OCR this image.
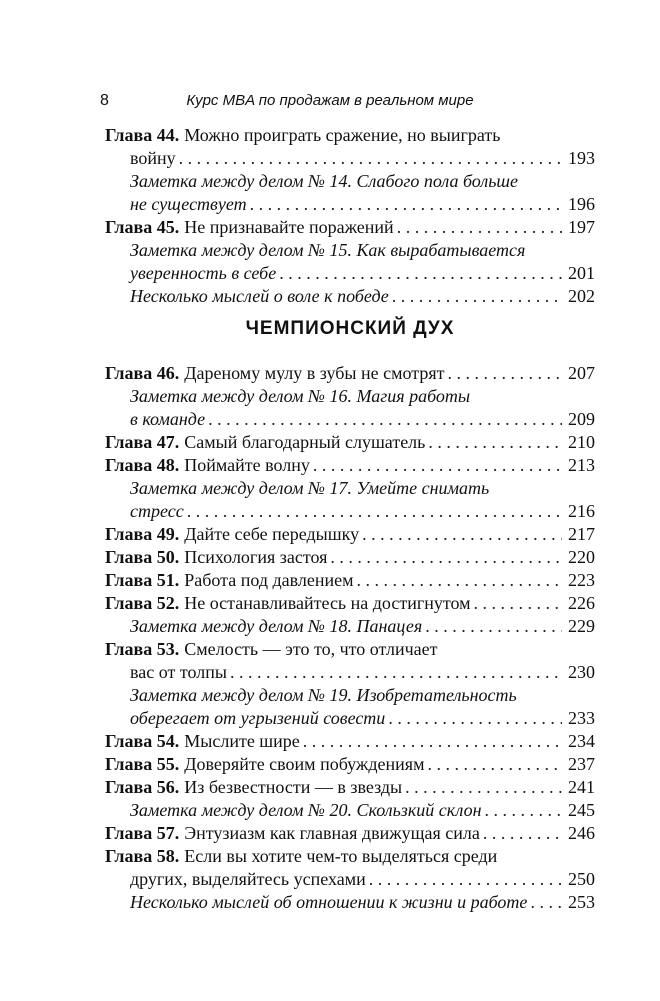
8	Курс MBA по продажам в реальном мире
Глава 44. Можно проиграть сражение, но выиграть
войну . . .	193
Заметка между делом № 14. Слабого пола больше
не существует . . .	196
Глава 45. Не признавайте поражений . . .	197
Заметка между делом № 15. Как вырабатывается
уверенность в себе . . .	201
Несколько мыслей о воле к победе . . .	202
ЧЕМПИОНСКИЙ ДУХ
Глава 46. Дареному мулу в зубы не смотрят . . .	207
Заметка между делом № 16. Магия работы
в команде . . .	209
Глава 47. Самый благодарный слушатель . . .	210
Глава 48. Поймайте волну . . .	213
Заметка между делом № 17. Умейте снимать
стресс . . .	216
Глава 49. Дайте себе передышку . . .	217
Глава 50. Психология застоя . . .	220
Глава 51. Работа под давлением . . .	223
Глава 52. Не останавливайтесь на достигнутом . . .	226
Заметка между делом № 18. Панацея . . .	229
Глава 53. Смелость — это то, что отличает
вас от толпы . . .	230
Заметка между делом № 19. Изобретательность
оберегает от угрызений совести . . .	233
Глава 54. Мыслите шире . . .	234
Глава 55. Доверяйте своим побуждениям . . .	237
Глава 56. Из безвестности — в звезды . . .	241
Заметка между делом № 20. Скользкий склон . . .	245
Глава 57. Энтузиазм как главная движущая сила . . .	246
Глава 58. Если вы хотите чем-то выделяться среди
других, выделяйтесь успехами . . .	250
Несколько мыслей об отношении к жизни и работе . . . 253
